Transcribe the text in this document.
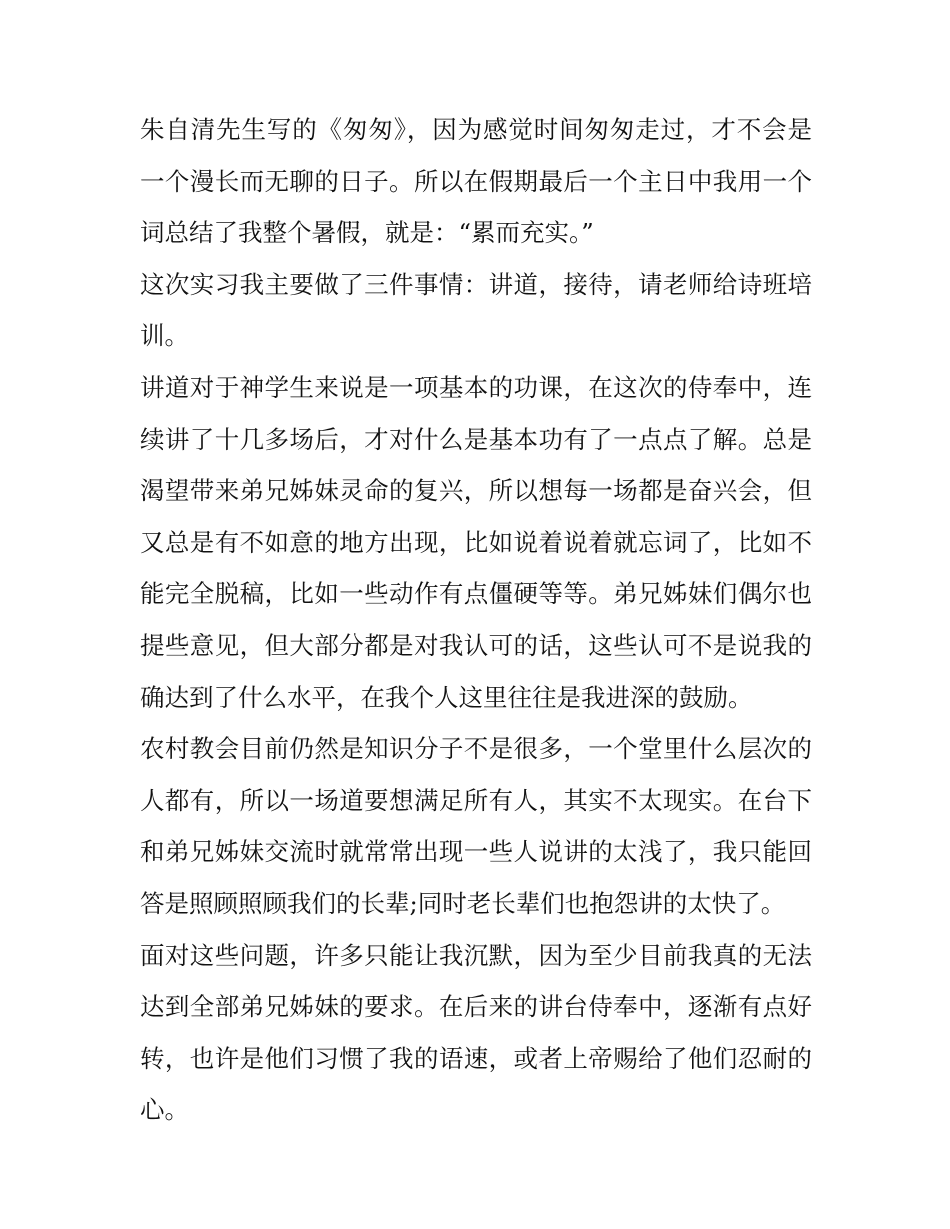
朱自清先生写的《匆匆》，因为感觉时间匆匆走过，才不会是一个漫长而无聊的日子。所以在假期最后一个主日中我用一个词总结了我整个暑假，就是：“累而充实。”

这次实习我主要做了三件事情：讲道，接待，请老师给诗班培训。

讲道对于神学生来说是一项基本的功课，在这次的侍奉中，连续讲了十几多场后，才对什么是基本功有了一点点了解。总是渴望带来弟兄姊妹灵命的复兴，所以想每一场都是奋兴会，但又总是有不如意的地方出现，比如说着说着就忘词了，比如不能完全脱稿，比如一些动作有点僵硬等等。弟兄姊妹们偶尔也提些意见，但大部分都是对我认可的话，这些认可不是说我的确达到了什么水平，在我个人这里往往是我进深的鼓励。

农村教会目前仍然是知识分子不是很多，一个堂里什么层次的人都有，所以一场道要想满足所有人，其实不太现实。在台下和弟兄姊妹交流时就常常出现一些人说讲的太浅了，我只能回答是照顾照顾我们的长辈;同时老长辈们也抱怨讲的太快了。

面对这些问题，许多只能让我沉默，因为至少目前我真的无法达到全部弟兄姊妹的要求。在后来的讲台侍奉中，逐渐有点好转，也许是他们习惯了我的语速，或者上帝赐给了他们忍耐的心。
